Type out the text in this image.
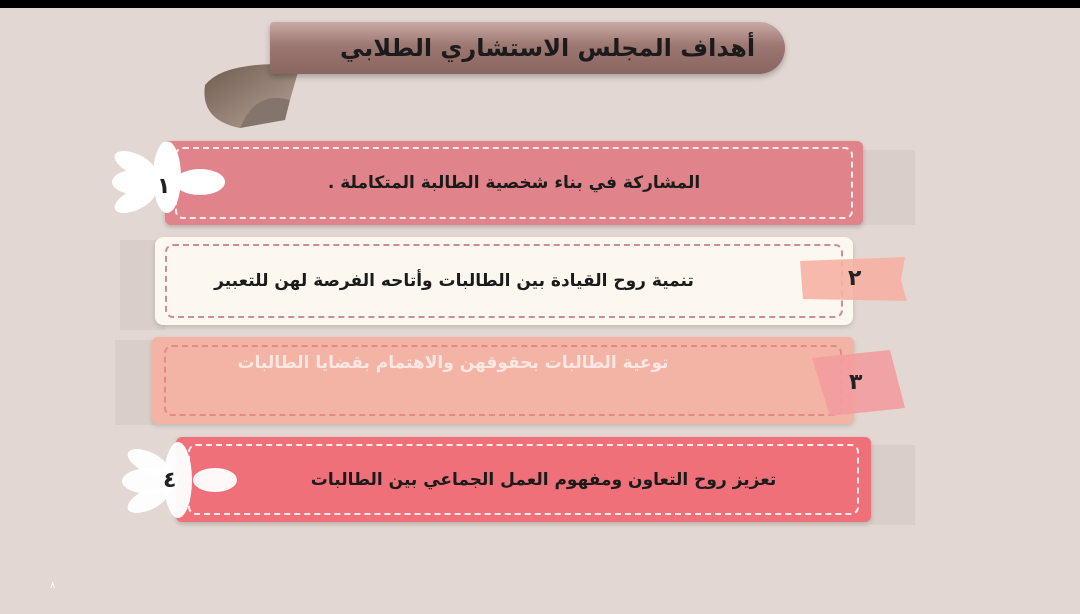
أهداف المجلس الاستشاري الطلابي
المشاركة في بناء شخصية الطالبة المتكاملة .
١
تنمية روح القيادة بين الطالبات وأتاحه الفرصة لهن للتعبير	٢
توعية الطالبات بحقوقهن والاهتمام بقضايا الطالبات
٣
تعزيز روح التعاون ومفهوم العمل الجماعي بين الطالبات
٤
٨
